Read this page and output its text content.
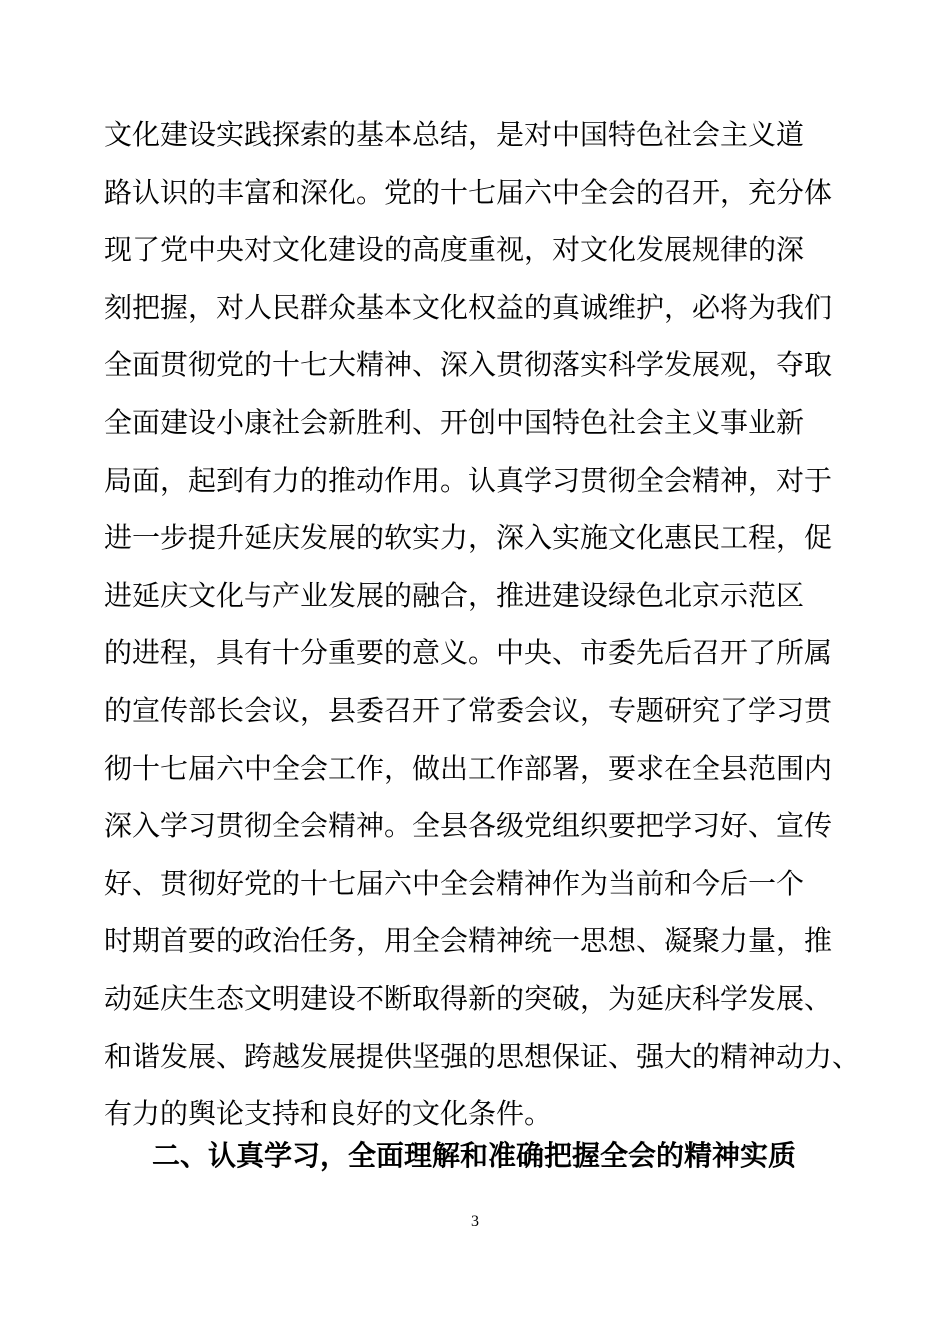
文化建设实践探索的基本总结，是对中国特色社会主义道
路认识的丰富和深化。党的十七届六中全会的召开，充分体
现了党中央对文化建设的高度重视，对文化发展规律的深
刻把握，对人民群众基本文化权益的真诚维护，必将为我们
全面贯彻党的十七大精神、深入贯彻落实科学发展观，夺取
全面建设小康社会新胜利、开创中国特色社会主义事业新
局面，起到有力的推动作用。认真学习贯彻全会精神，对于
进一步提升延庆发展的软实力，深入实施文化惠民工程，促
进延庆文化与产业发展的融合，推进建设绿色北京示范区
的进程，具有十分重要的意义。中央、市委先后召开了所属
的宣传部长会议，县委召开了常委会议，专题研究了学习贯
彻十七届六中全会工作，做出工作部署，要求在全县范围内
深入学习贯彻全会精神。全县各级党组织要把学习好、宣传
好、贯彻好党的十七届六中全会精神作为当前和今后一个
时期首要的政治任务，用全会精神统一思想、凝聚力量，推
动延庆生态文明建设不断取得新的突破，为延庆科学发展、
和谐发展、跨越发展提供坚强的思想保证、强大的精神动力、
有力的舆论支持和良好的文化条件。
二、认真学习，全面理解和准确把握全会的精神实质
3
